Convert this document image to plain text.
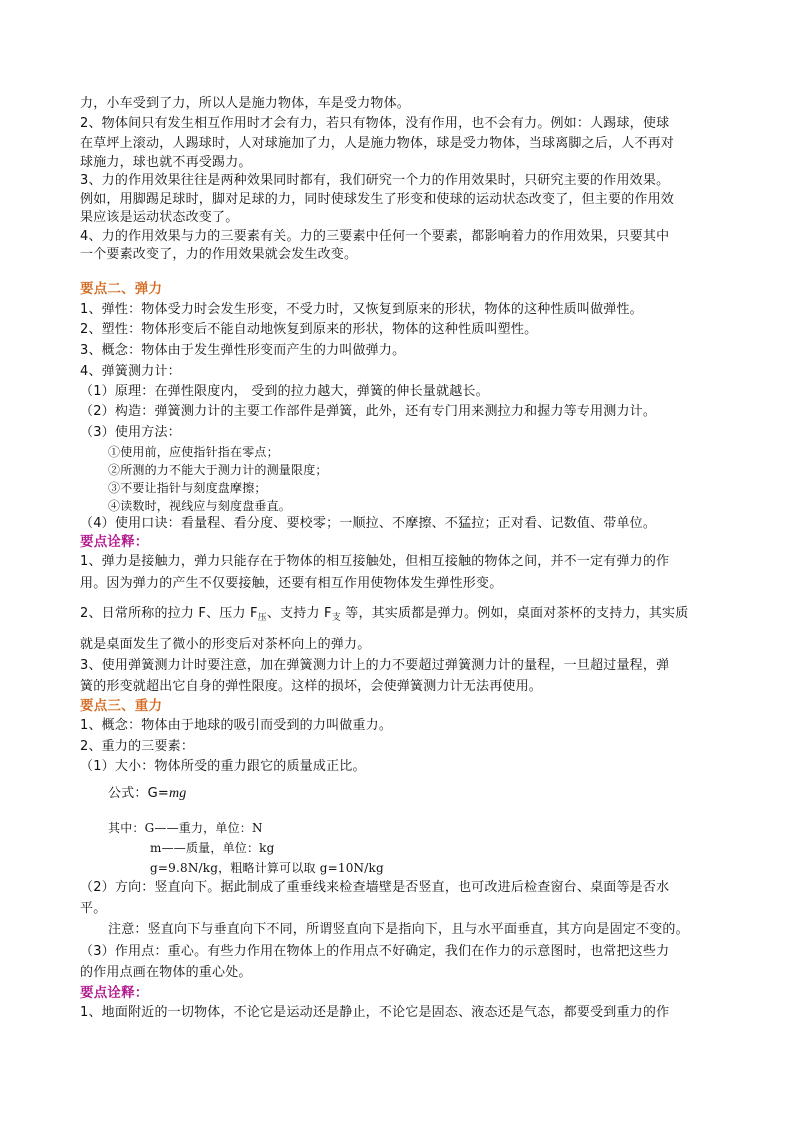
力，小车受到了力，所以人是施力物体，车是受力物体。
2、物体间只有发生相互作用时才会有力，若只有物体，没有作用，也不会有力。例如：人踢球，使球
在草坪上滚动，人踢球时，人对球施加了力，人是施力物体，球是受力物体，当球离脚之后，人不再对
球施力，球也就不再受踢力。
3、力的作用效果往往是两种效果同时都有，我们研究一个力的作用效果时，只研究主要的作用效果。
例如，用脚踢足球时，脚对足球的力，同时使球发生了形变和使球的运动状态改变了，但主要的作用效
果应该是运动状态改变了。
4、力的作用效果与力的三要素有关。力的三要素中任何一个要素，都影响着力的作用效果，只要其中
一个要素改变了，力的作用效果就会发生改变。
要点二、弹力
1、弹性：物体受力时会发生形变，不受力时，又恢复到原来的形状，物体的这种性质叫做弹性。
2、塑性：物体形变后不能自动地恢复到原来的形状，物体的这种性质叫塑性。
3、概念：物体由于发生弹性形变而产生的力叫做弹力。
4、弹簧测力计：
（1）原理：在弹性限度内， 受到的拉力越大，弹簧的伸长量就越长。
（2）构造：弹簧测力计的主要工作部件是弹簧，此外，还有专门用来测拉力和握力等专用测力计。
（3）使用方法：
①使用前，应使指针指在零点；
②所测的力不能大于测力计的测量限度；
③不要让指针与刻度盘摩擦；
④读数时，视线应与刻度盘垂直。
（4）使用口诀：看量程、看分度、要校零；一顺拉、不摩擦、不猛拉；正对看、记数值、带单位。
要点诠释：
1、弹力是接触力，弹力只能存在于物体的相互接触处，但相互接触的物体之间，并不一定有弹力的作
用。因为弹力的产生不仅要接触，还要有相互作用使物体发生弹性形变。
2、日常所称的拉力 F、压力 $F_压$、支持力 $F_支$ 等，其实质都是弹力。例如，桌面对茶杯的支持力，其实质
就是桌面发生了微小的形变后对茶杯向上的弹力。
3、使用弹簧测力计时要注意，加在弹簧测力计上的力不要超过弹簧测力计的量程，一旦超过量程，弹
簧的形变就超出它自身的弹性限度。这样的损坏，会使弹簧测力计无法再使用。
要点三、重力
1、概念：物体由于地球的吸引而受到的力叫做重力。
2、重力的三要素：
（1）大小：物体所受的重力跟它的质量成正比。
公式：G=mg
其中：G——重力，单位：N
m——质量，单位：kg
g=9.8N/kg，粗略计算可以取 g=10N/kg
（2）方向：竖直向下。据此制成了重垂线来检查墙壁是否竖直，也可改进后检查窗台、桌面等是否水
平。
注意：竖直向下与垂直向下不同，所谓竖直向下是指向下，且与水平面垂直，其方向是固定不变的。
（3）作用点：重心。有些力作用在物体上的作用点不好确定，我们在作力的示意图时，也常把这些力
的作用点画在物体的重心处。
要点诠释：
1、地面附近的一切物体，不论它是运动还是静止，不论它是固态、液态还是气态，都要受到重力的作
